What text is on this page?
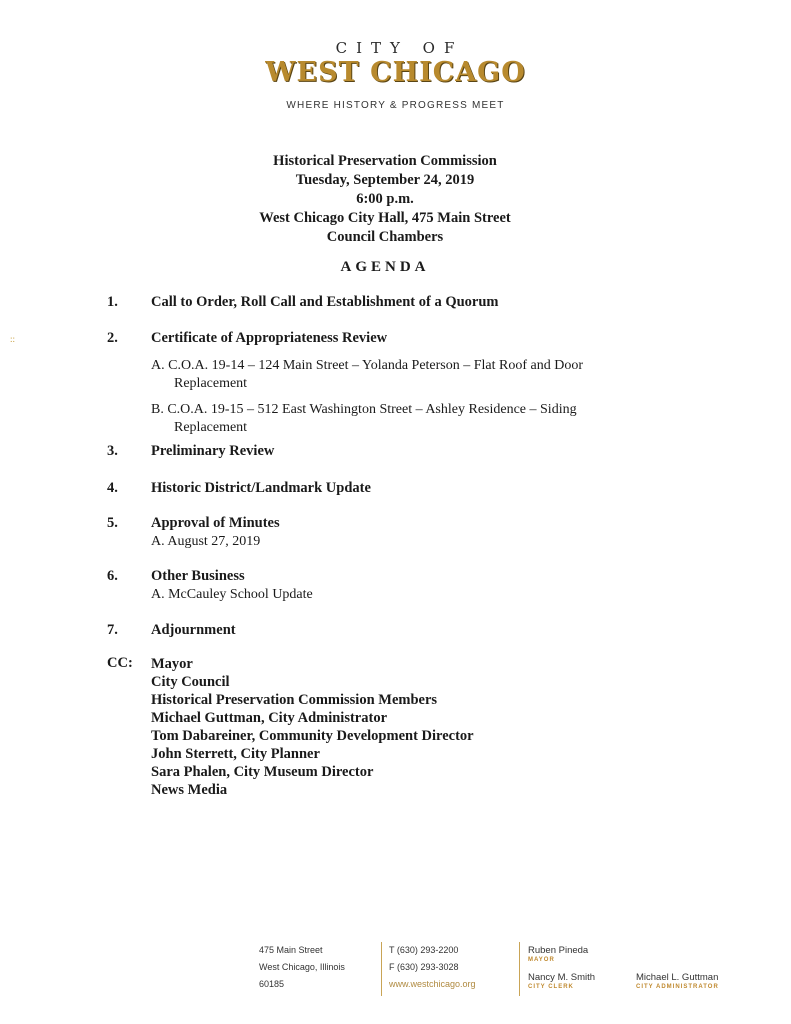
CITY OF
WEST CHICAGO
WHERE HISTORY & PROGRESS MEET
Historical Preservation Commission
Tuesday, September 24, 2019
6:00 p.m.
West Chicago City Hall, 475 Main Street
Council Chambers
AGENDA
::
1. Call to Order, Roll Call and Establishment of a Quorum
2. Certificate of Appropriateness Review
A. C.O.A. 19-14 – 124 Main Street – Yolanda Peterson – Flat Roof and Door Replacement
B. C.O.A. 19-15 – 512 East Washington Street – Ashley Residence – Siding Replacement
3. Preliminary Review
4. Historic District/Landmark Update
5. Approval of Minutes
A. August 27, 2019
6. Other Business
A. McCauley School Update
7. Adjournment
CC: Mayor
City Council
Historical Preservation Commission Members
Michael Guttman, City Administrator
Tom Dabareiner, Community Development Director
John Sterrett, City Planner
Sara Phalen, City Museum Director
News Media
475 Main Street
West Chicago, Illinois
60185
T (630) 293-2200
F (630) 293-3028
www.westchicago.org
Ruben Pineda
MAYOR
Nancy M. Smith
CITY CLERK
Michael L. Guttman
CITY ADMINISTRATOR
